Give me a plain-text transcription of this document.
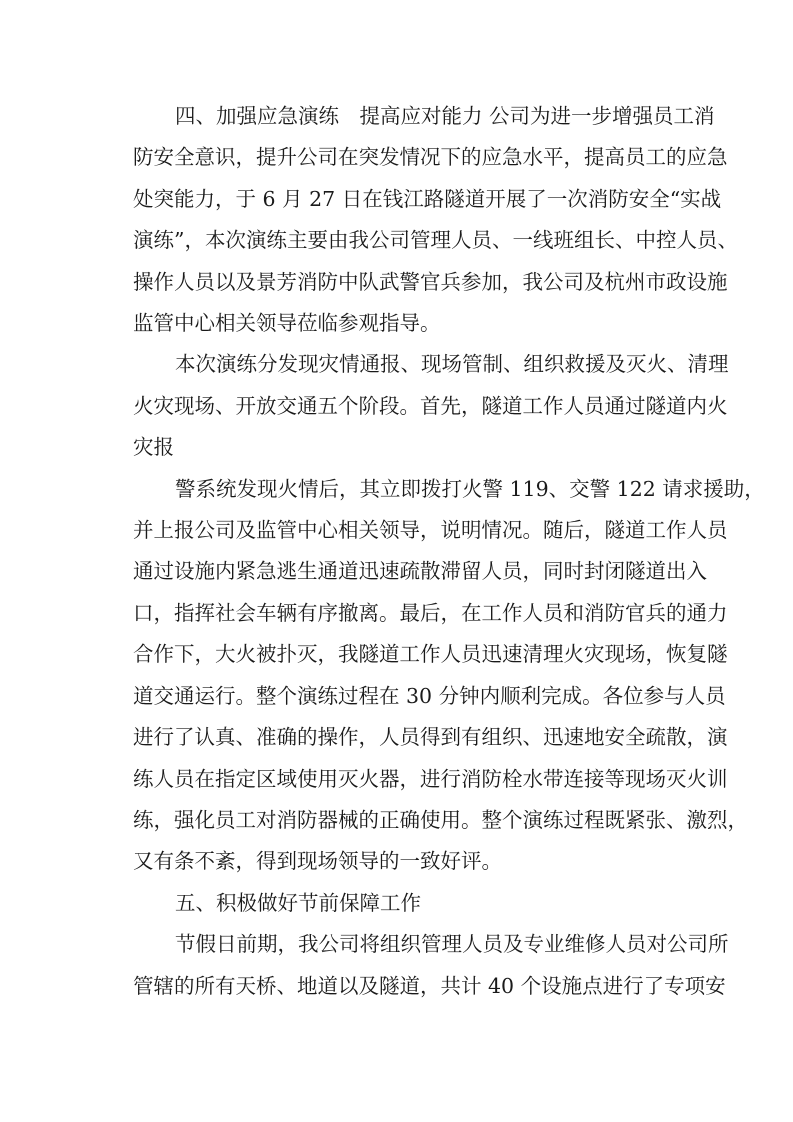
四、加强应急演练　提高应对能力 公司为进一步增强员工消
防安全意识，提升公司在突发情况下的应急水平，提高员工的应急
处突能力，于 6 月 27 日在钱江路隧道开展了一次消防安全“实战
演练”，本次演练主要由我公司管理人员、一线班组长、中控人员、
操作人员以及景芳消防中队武警官兵参加，我公司及杭州市政设施
监管中心相关领导莅临参观指导。
本次演练分发现灾情通报、现场管制、组织救援及灭火、清理
火灾现场、开放交通五个阶段。首先，隧道工作人员通过隧道内火
灾报
警系统发现火情后，其立即拨打火警 119、交警 122 请求援助，
并上报公司及监管中心相关领导，说明情况。随后，隧道工作人员
通过设施内紧急逃生通道迅速疏散滞留人员，同时封闭隧道出入
口，指挥社会车辆有序撤离。最后，在工作人员和消防官兵的通力
合作下，大火被扑灭，我隧道工作人员迅速清理火灾现场，恢复隧
道交通运行。整个演练过程在 30 分钟内顺利完成。各位参与人员
进行了认真、准确的操作，人员得到有组织、迅速地安全疏散，演
练人员在指定区域使用灭火器，进行消防栓水带连接等现场灭火训
练，强化员工对消防器械的正确使用。整个演练过程既紧张、激烈，
又有条不紊，得到现场领导的一致好评。
五、积极做好节前保障工作
节假日前期，我公司将组织管理人员及专业维修人员对公司所
管辖的所有天桥、地道以及隧道，共计 40 个设施点进行了专项安
